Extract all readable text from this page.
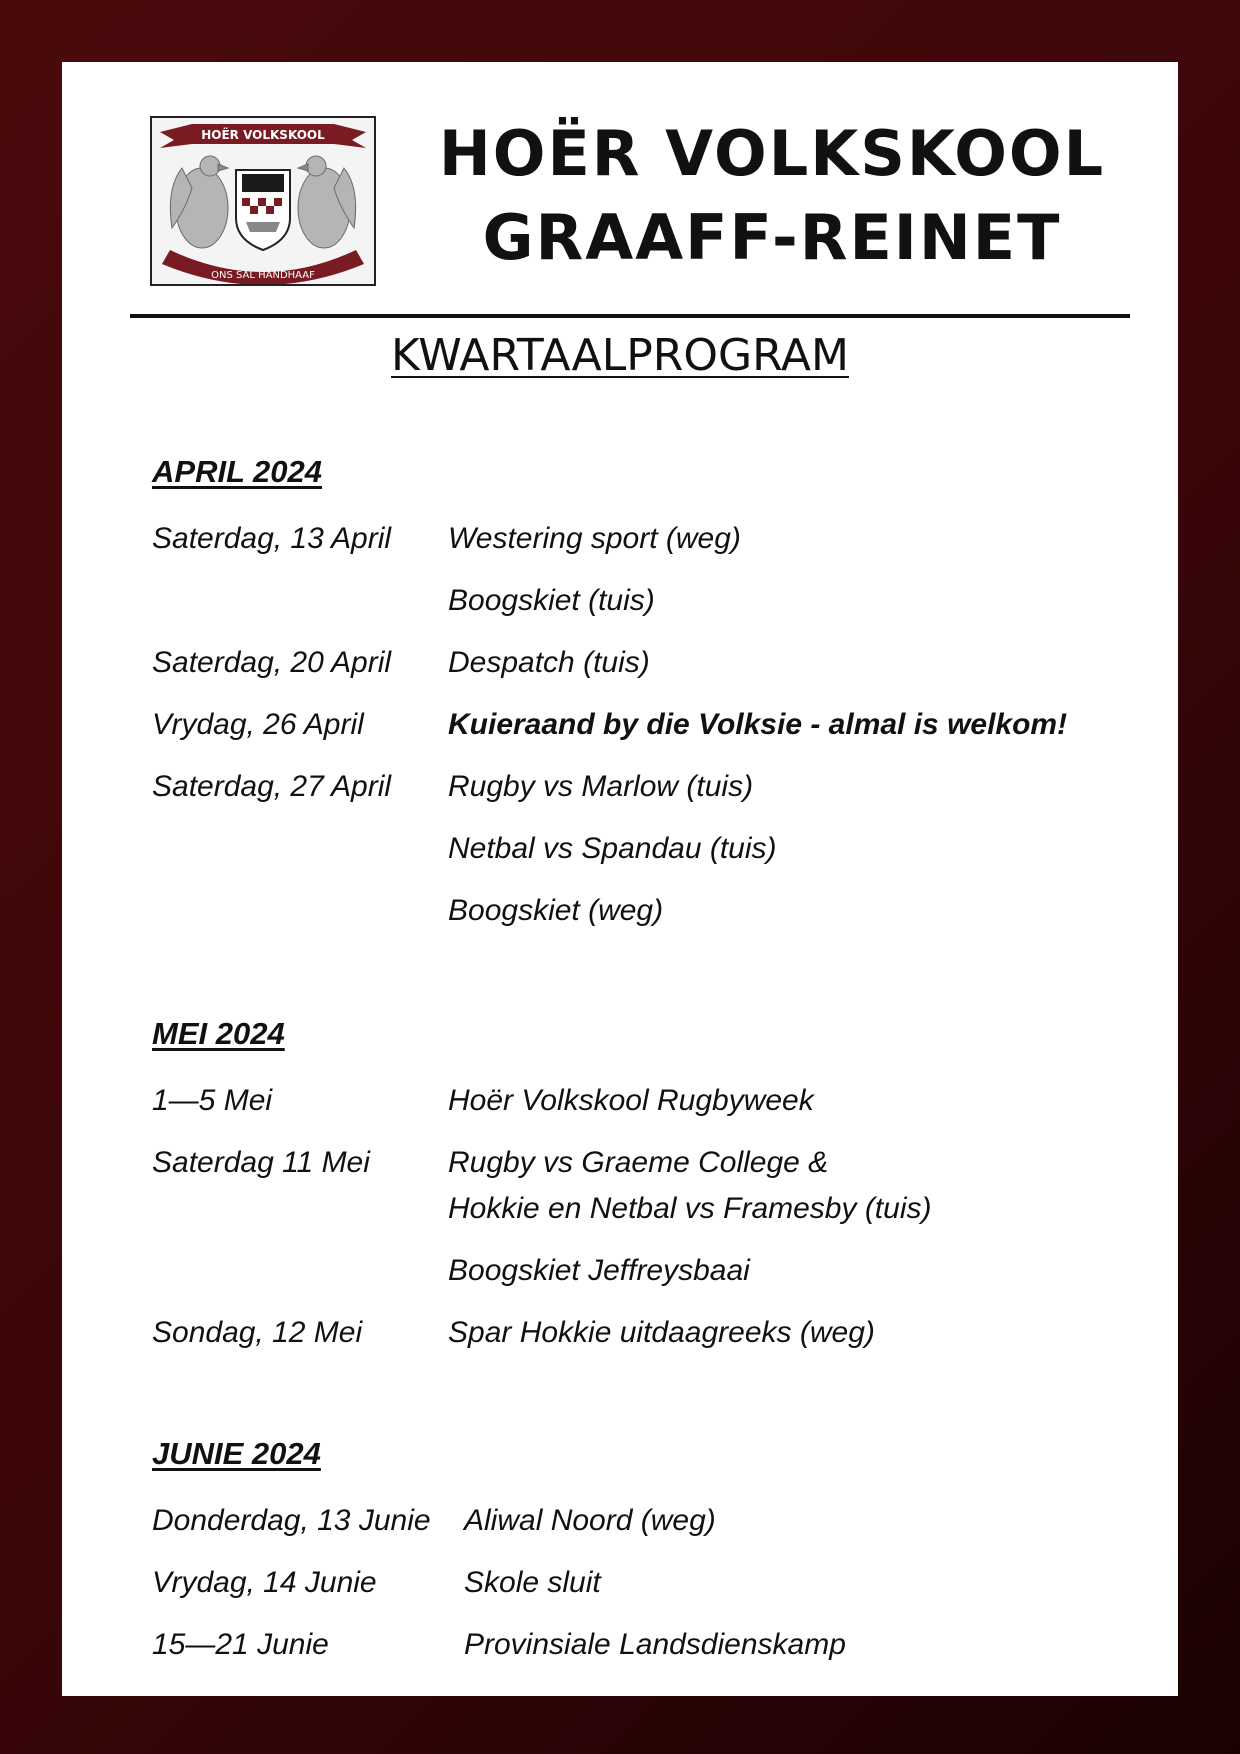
HOËR VOLKSKOOL
ONS SAL HANDHAAF
HOËR VOLKSKOOL
GRAAFF-REINET
KWARTAALPROGRAM
APRIL 2024
Saterdag, 13 April Westering sport (weg)
Boogskiet (tuis)
Saterdag, 20 April Despatch (tuis)
Vrydag, 26 April	Kuieraand by die Volksie - almal is welkom!
Saterdag, 27 April Rugby vs Marlow (tuis)
Netbal vs Spandau (tuis)
Boogskiet (weg)
MEI 2024
1—5 Mei	Hoër Volkskool Rugbyweek
Saterdag 11 Mei	Rugby vs Graeme College &
Hokkie en Netbal vs Framesby (tuis)
Boogskiet Jeffreysbaai
Sondag, 12 Mei	Spar Hokkie uitdaagreeks (weg)
JUNIE 2024
Donderdag, 13 Junie Aliwal Noord (weg)
Vrydag, 14 Junie	Skole sluit
15—21 Junie	Provinsiale Landsdienskamp
